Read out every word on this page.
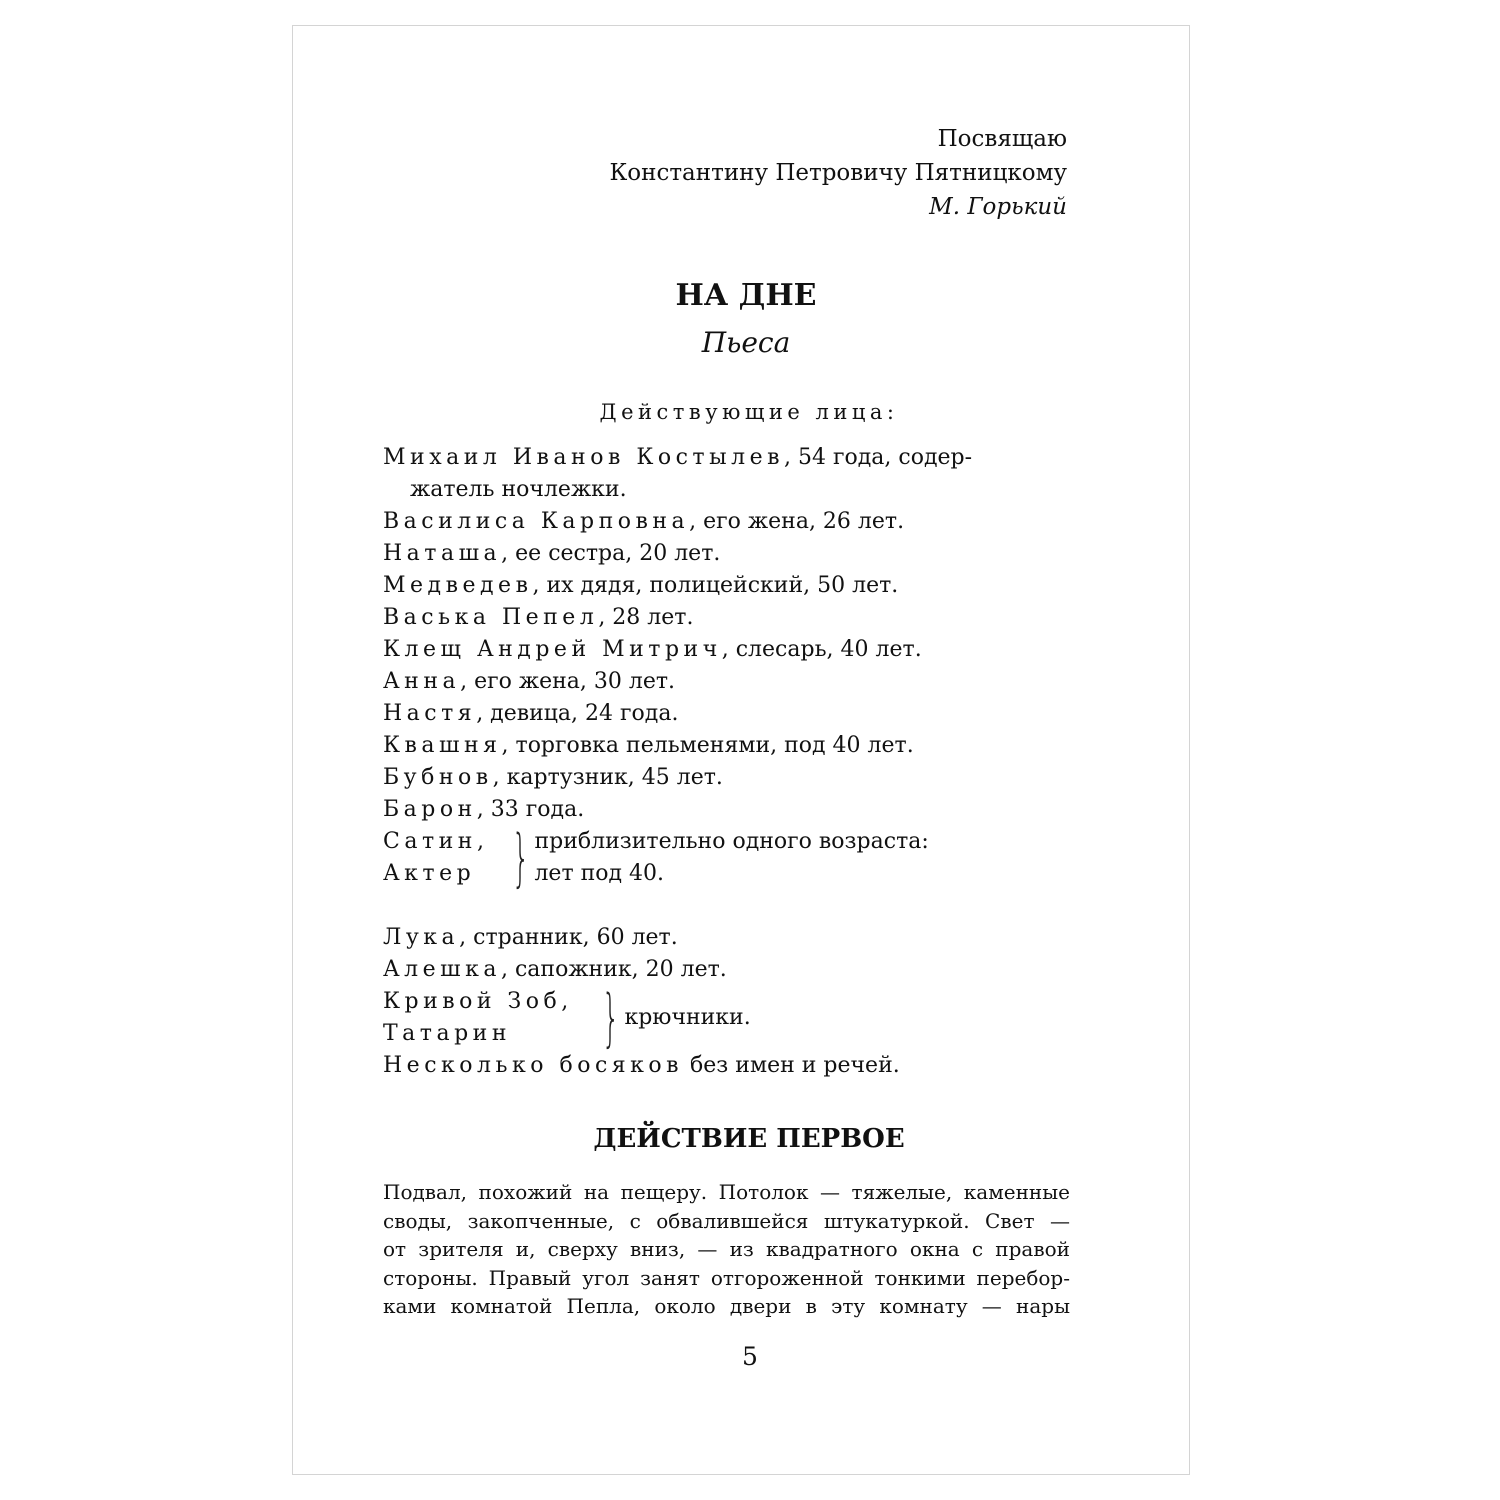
Посвящаю
Константину Петровичу Пятницкому
М. Горький
НА ДНЕ
Пьеса
Действующие лица:
Михаил Иванов Костылев, 54 года, содер-
жатель ночлежки.
Василиса Карповна, его жена, 26 лет.
Наташа, ее сестра, 20 лет.
Медведев, их дядя, полицейский, 50 лет.
Васька Пепел, 28 лет.
Клещ Андрей Митрич, слесарь, 40 лет.
Анна, его жена, 30 лет.
Настя, девица, 24 года.
Квашня, торговка пельменями, под 40 лет.
Бубнов, картузник, 45 лет.
Барон, 33 года.
Сатин,
Актер } приблизительно одного возраста:
лет под 40.
Лука, странник, 60 лет.
Алешка, сапожник, 20 лет.
Кривой Зоб,
Татарин	} крючники.
Несколько босяков без имен и речей.
ДЕЙСТВИЕ ПЕРВОЕ
Подвал, похожий на пещеру. Потолок — тяжелые, каменные
своды, закопченные, с обвалившейся штукатуркой. Свет —
от зрителя и, сверху вниз, — из квадратного окна с правой
стороны. Правый угол занят отгороженной тонкими перебор-
ками комнатой Пепла, около двери в эту комнату — нары
5
